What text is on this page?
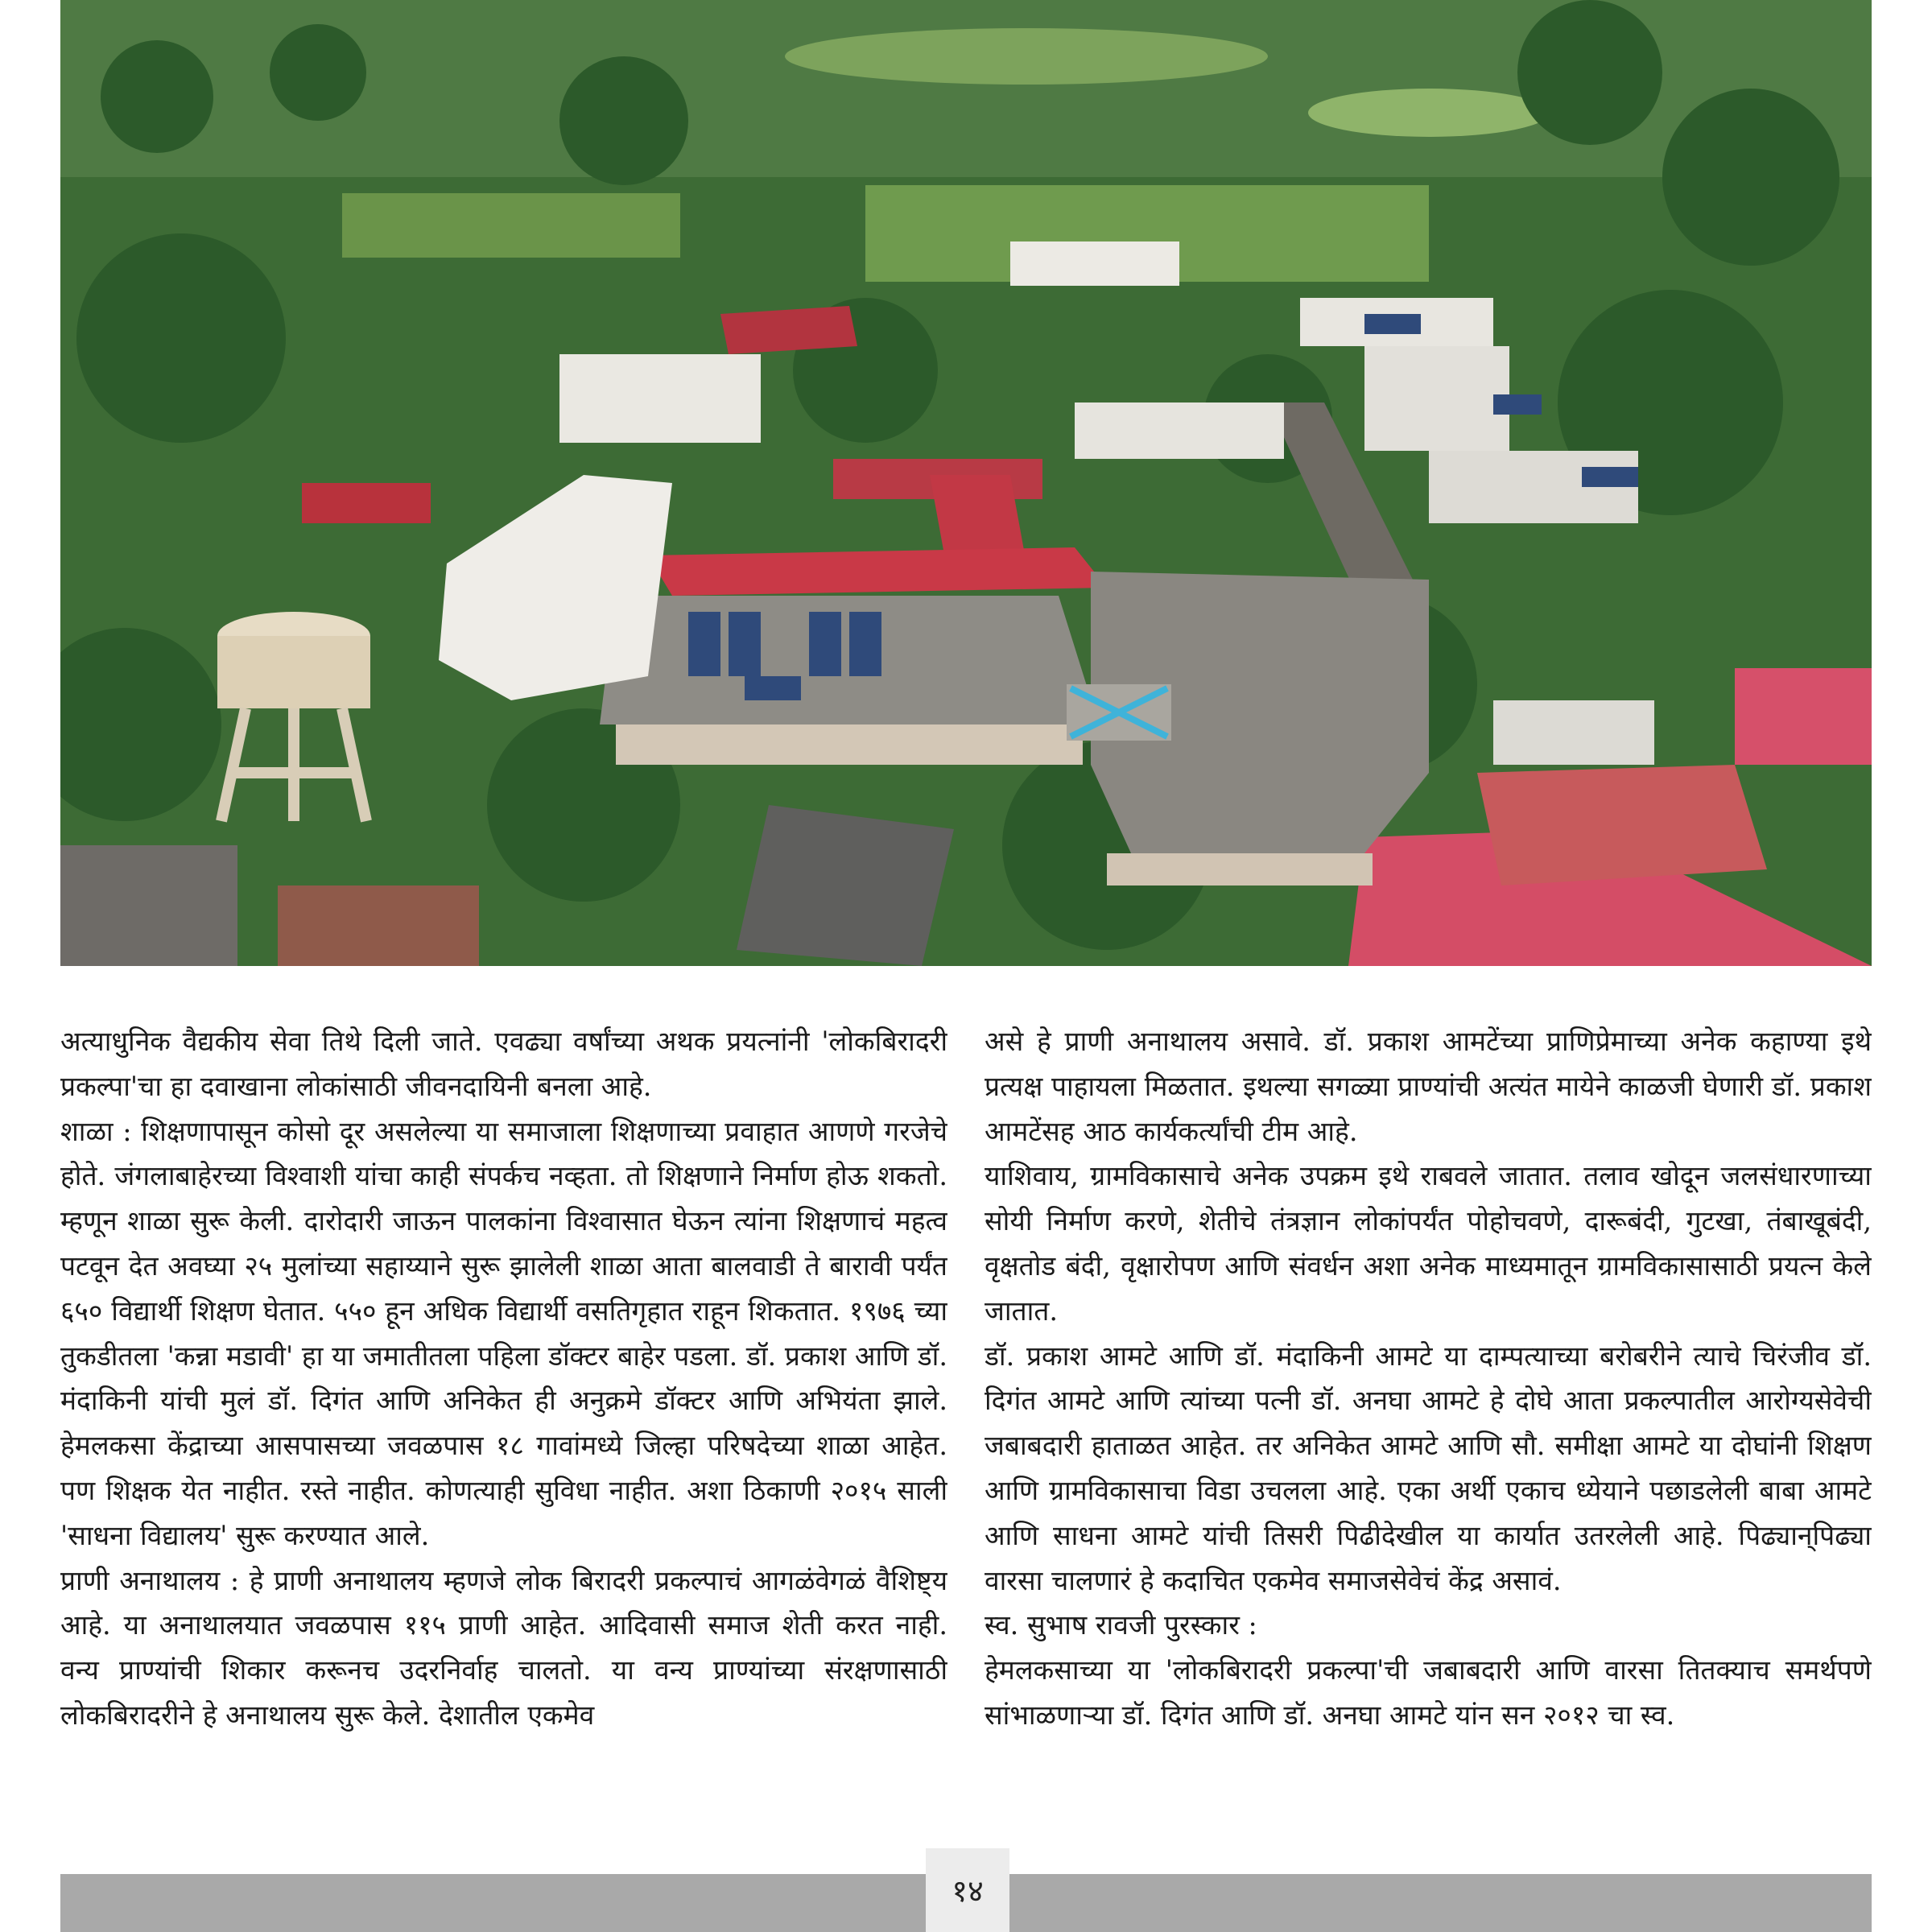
अत्याधुनिक वैद्यकीय सेवा तिथे दिली जाते. एवढ्या वर्षांच्या अथक प्रयत्नांनी 'लोकबिरादरी प्रकल्पा'चा हा दवाखाना लोकांसाठी जीवनदायिनी बनला आहे.

शाळा : शिक्षणापासून कोसो दूर असलेल्या या समाजाला शिक्षणाच्या प्रवाहात आणणे गरजेचे होते. जंगलाबाहेरच्या विश्वाशी यांचा काही संपर्कच नव्हता. तो शिक्षणाने निर्माण होऊ शकतो. म्हणून शाळा सुरू केली. दारोदारी जाऊन पालकांना विश्वासात घेऊन त्यांना शिक्षणाचं महत्व पटवून देत अवघ्या २५ मुलांच्या सहाय्याने सुरू झालेली शाळा आता बालवाडी ते बारावी पर्यंत ६५० विद्यार्थी शिक्षण घेतात. ५५० हून अधिक विद्यार्थी वसतिगृहात राहून शिकतात. १९७६ च्या तुकडीतला 'कन्ना मडावी' हा या जमातीतला पहिला डॉक्टर बाहेर पडला. डॉ. प्रकाश आणि डॉ. मंदाकिनी यांची मुलं डॉ. दिगंत आणि अनिकेत ही अनुक्रमे डॉक्टर आणि अभियंता झाले. हेमलकसा केंद्राच्या आसपासच्या जवळपास १८ गावांमध्ये जिल्हा परिषदेच्या शाळा आहेत. पण शिक्षक येत नाहीत. रस्ते नाहीत. कोणत्याही सुविधा नाहीत. अशा ठिकाणी २०१५ साली 'साधना विद्यालय' सुरू करण्यात आले.

प्राणी अनाथालय : हे प्राणी अनाथालय म्हणजे लोक बिरादरी प्रकल्पाचं आगळंवेगळं वैशिष्ट्य आहे. या अनाथालयात जवळपास ११५ प्राणी आहेत. आदिवासी समाज शेती करत नाही. वन्य प्राण्यांची शिकार करूनच उदरनिर्वाह चालतो. या वन्य प्राण्यांच्या संरक्षणासाठी लोकबिरादरीने हे अनाथालय सुरू केले. देशातील एकमेव

असे हे प्राणी अनाथालय असावे. डॉ. प्रकाश आमटेंच्या प्राणिप्रेमाच्या अनेक कहाण्या इथे प्रत्यक्ष पाहायला मिळतात. इथल्या सगळ्या प्राण्यांची अत्यंत मायेने काळजी घेणारी डॉ. प्रकाश आमटेंसह आठ कार्यकर्त्यांची टीम आहे.

याशिवाय, ग्रामविकासाचे अनेक उपक्रम इथे राबवले जातात. तलाव खोदून जलसंधारणाच्या सोयी निर्माण करणे, शेतीचे तंत्रज्ञान लोकांपर्यंत पोहोचवणे, दारूबंदी, गुटखा, तंबाखूबंदी, वृक्षतोड बंदी, वृक्षारोपण आणि संवर्धन अशा अनेक माध्यमातून ग्रामविकासासाठी प्रयत्न केले जातात.

डॉ. प्रकाश आमटे आणि डॉ. मंदाकिनी आमटे या दाम्पत्याच्या बरोबरीने त्याचे चिरंजीव डॉ. दिगंत आमटे आणि त्यांच्या पत्नी डॉ. अनघा आमटे हे दोघे आता प्रकल्पातील आरोग्यसेवेची जबाबदारी हाताळत आहेत. तर अनिकेत आमटे आणि सौ. समीक्षा आमटे या दोघांनी शिक्षण आणि ग्रामविकासाचा विडा उचलला आहे. एका अर्थी एकाच ध्येयाने पछाडलेली बाबा आमटे आणि साधना आमटे यांची तिसरी पिढीदेखील या कार्यात उतरलेली आहे. पिढ्यान्‌पिढ्या वारसा चालणारं हे कदाचित एकमेव समाजसेवेचं केंद्र असावं.

स्व. सुभाष रावजी पुरस्कार :

हेमलकसाच्या या 'लोकबिरादरी प्रकल्पा'ची जबाबदारी आणि वारसा तितक्याच समर्थपणे सांभाळणाऱ्या डॉ. दिगंत आणि डॉ. अनघा आमटे यांन सन २०१२ चा स्व.

१४
